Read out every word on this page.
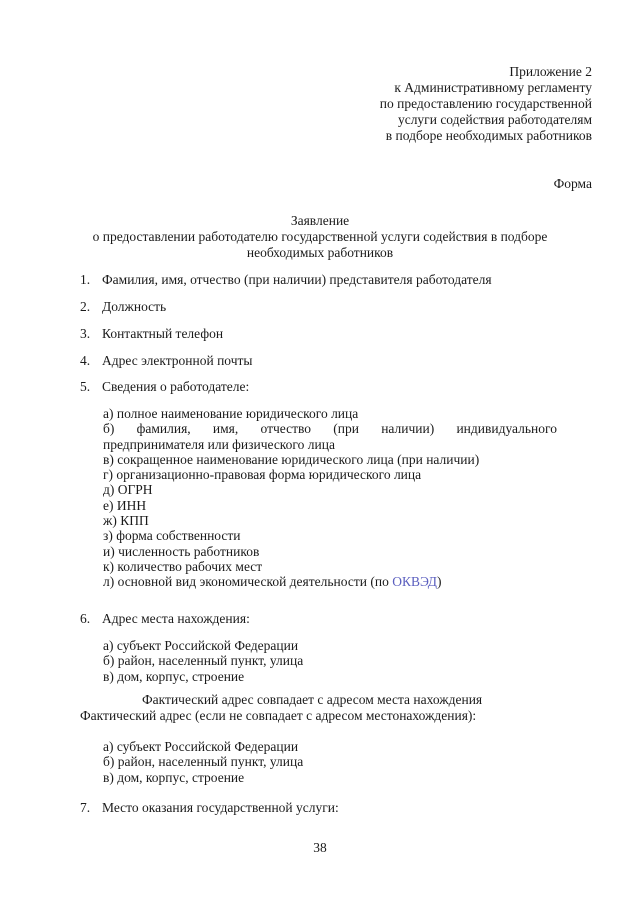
Приложение 2
к Административному регламенту
по предоставлению государственной
услуги содействия работодателям
в подборе необходимых работников
Форма
Заявление
о предоставлении работодателю государственной услуги содействия в подборе
необходимых работников
1. Фамилия, имя, отчество (при наличии) представителя работодателя
2. Должность
3. Контактный телефон
4. Адрес электронной почты
5. Сведения о работодателе:
а) полное наименование юридического лица
б) фамилия, имя, отчество (при наличии) индивидуального
предпринимателя или физического лица
в) сокращенное наименование юридического лица (при наличии)
г) организационно-правовая форма юридического лица
д) ОГРН
е) ИНН
ж) КПП
з) форма собственности
и) численность работников
к) количество рабочих мест
л) основной вид экономической деятельности (по ОКВЭД)
6. Адрес места нахождения:
а) субъект Российской Федерации
б) район, населенный пункт, улица
в) дом, корпус, строение
Фактический адрес совпадает с адресом места нахождения
Фактический адрес (если не совпадает с адресом местонахождения):
а) субъект Российской Федерации
б) район, населенный пункт, улица
в) дом, корпус, строение
7. Место оказания государственной услуги:
38
